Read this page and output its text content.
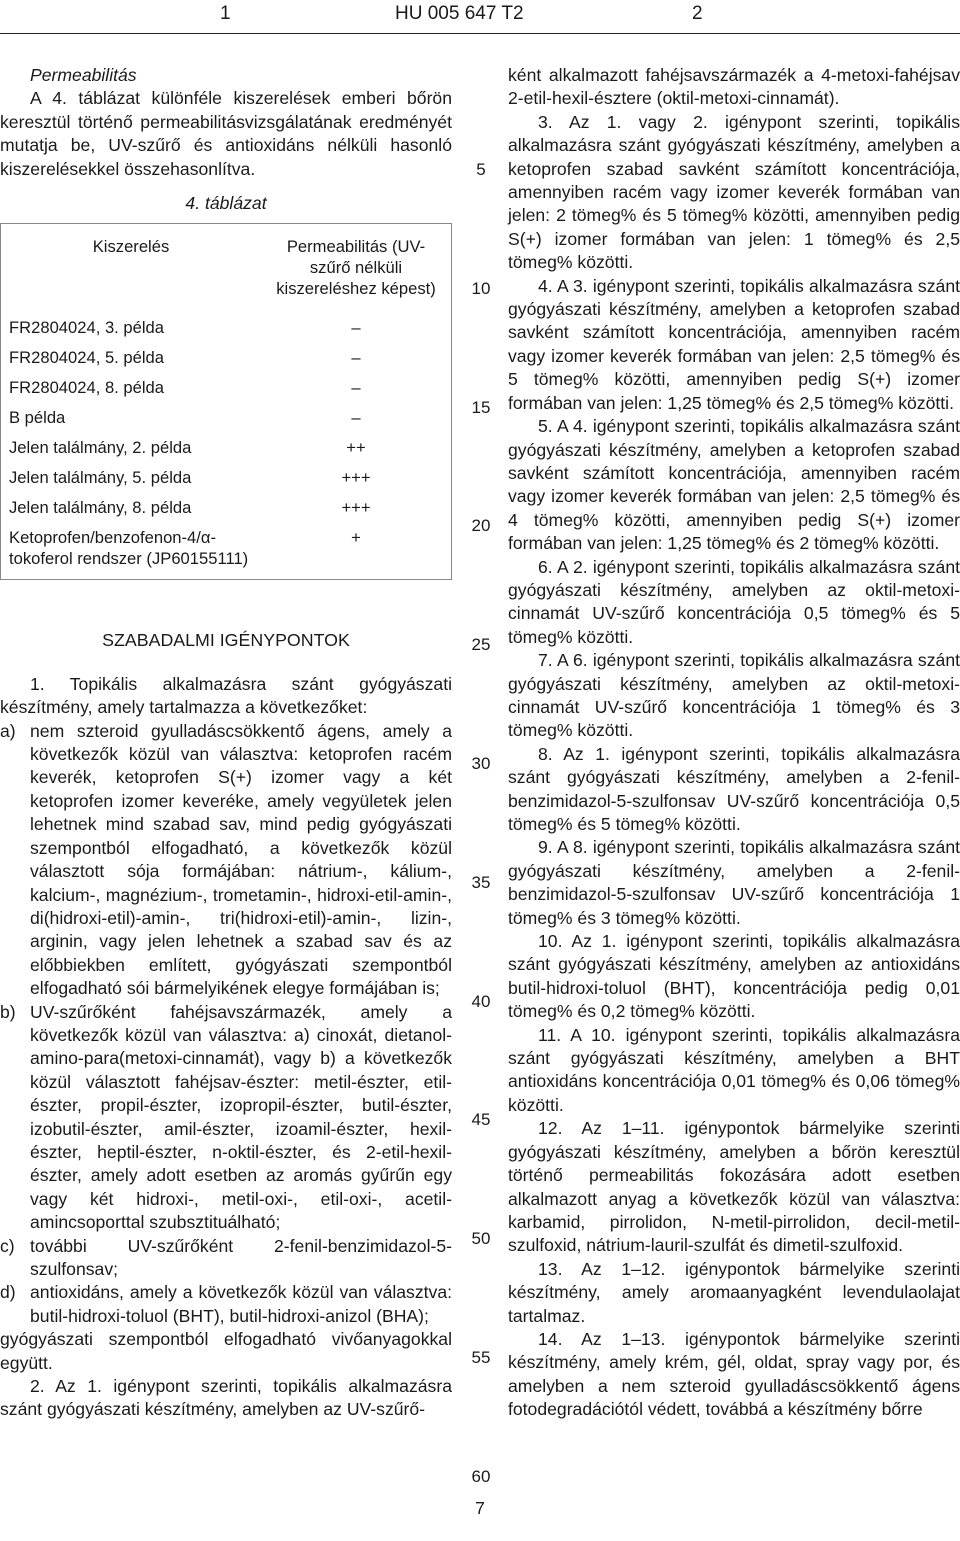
1	HU 005 647 T2	2

Permeabilitás

A 4. táblázat különféle kiszerelések emberi bőrön keresztül történő permeabilitásvizsgálatának eredményét mutatja be, UV-szűrő és antioxidáns nélküli hasonló kiszerelésekkel összehasonlítva.

4. táblázat

Kiszerelés	Permeabilitás (UV-szűrő nélküli kiszereléshez képest)

FR2804024, 3. példa	–
FR2804024, 5. példa	–
FR2804024, 8. példa	–
B példa	–
Jelen találmány, 2. példa	++
Jelen találmány, 5. példa	+++
Jelen találmány, 8. példa	+++
Ketoprofen/benzofenon-4/α-tokoferol rendszer (JP60155111)	+

SZABADALMI IGÉNYPONTOK

1. Topikális alkalmazásra szánt gyógyászati készítmény, amely tartalmazza a következőket:

a) nem szteroid gyulladáscsökkentő ágens, amely a következők közül van választva: ketoprofen racém keverék, ketoprofen S(+) izomer vagy a két ketoprofen izomer keveréke, amely vegyületek jelen lehetnek mind szabad sav, mind pedig gyógyászati szempontból elfogadható, a következők közül választott sója formájában: nátrium-, kálium-, kalcium-, magnézium-, trometamin-, hidroxi-etil-amin-, di(hidroxi-etil)-amin-, tri(hidroxi-etil)-amin-, lizin-, arginin, vagy jelen lehetnek a szabad sav és az előbbiekben említett, gyógyászati szempontból elfogadható sói bármelyikének elegye formájában is;
b) UV-szűrőként fahéjsavszármazék, amely a következők közül van választva: a) cinoxát, dietanol-amino-para(metoxi-cinnamát), vagy b) a következők közül választott fahéjsav-észter: metil-észter, etil-észter, propil-észter, izopropil-észter, butil-észter, izobutil-észter, amil-észter, izoamil-észter, hexil-észter, heptil-észter, n-oktil-észter, és 2-etil-hexil-észter, amely adott esetben az aromás gyűrűn egy vagy két hidroxi-, metil-oxi-, etil-oxi-, acetil-amincsoporttal szubsztituálható;
c) további UV-szűrőként 2-fenil-benzimidazol-5-szulfonsav;
d) antioxidáns, amely a következők közül van választva: butil-hidroxi-toluol (BHT), butil-hidroxi-anizol (BHA);

gyógyászati szempontból elfogadható vivőanyagokkal együtt.

2. Az 1. igénypont szerinti, topikális alkalmazásra szánt gyógyászati készítmény, amelyben az UV-szűrő-

5
10
15
20
25
30
35
40
45
50
55
60

ként alkalmazott fahéjsavszármazék a 4-metoxi-fahéjsav 2-etil-hexil-észtere (oktil-metoxi-cinnamát).

3. Az 1. vagy 2. igénypont szerinti, topikális alkalmazásra szánt gyógyászati készítmény, amelyben a ketoprofen szabad savként számított koncentrációja, amennyiben racém vagy izomer keverék formában van jelen: 2 tömeg% és 5 tömeg% közötti, amennyiben pedig S(+) izomer formában van jelen: 1 tömeg% és 2,5 tömeg% közötti.

4. A 3. igénypont szerinti, topikális alkalmazásra szánt gyógyászati készítmény, amelyben a ketoprofen szabad savként számított koncentrációja, amennyiben racém vagy izomer keverék formában van jelen: 2,5 tömeg% és 5 tömeg% közötti, amennyiben pedig S(+) izomer formában van jelen: 1,25 tömeg% és 2,5 tömeg% közötti.

5. A 4. igénypont szerinti, topikális alkalmazásra szánt gyógyászati készítmény, amelyben a ketoprofen szabad savként számított koncentrációja, amennyiben racém vagy izomer keverék formában van jelen: 2,5 tömeg% és 4 tömeg% közötti, amennyiben pedig S(+) izomer formában van jelen: 1,25 tömeg% és 2 tömeg% közötti.

6. A 2. igénypont szerinti, topikális alkalmazásra szánt gyógyászati készítmény, amelyben az oktil-metoxi-cinnamát UV-szűrő koncentrációja 0,5 tömeg% és 5 tömeg% közötti.

7. A 6. igénypont szerinti, topikális alkalmazásra szánt gyógyászati készítmény, amelyben az oktil-metoxi-cinnamát UV-szűrő koncentrációja 1 tömeg% és 3 tömeg% közötti.

8. Az 1. igénypont szerinti, topikális alkalmazásra szánt gyógyászati készítmény, amelyben a 2-fenil-benzimidazol-5-szulfonsav UV-szűrő koncentrációja 0,5 tömeg% és 5 tömeg% közötti.

9. A 8. igénypont szerinti, topikális alkalmazásra szánt gyógyászati készítmény, amelyben a 2-fenil-benzimidazol-5-szulfonsav UV-szűrő koncentrációja 1 tömeg% és 3 tömeg% közötti.

10. Az 1. igénypont szerinti, topikális alkalmazásra szánt gyógyászati készítmény, amelyben az antioxidáns butil-hidroxi-toluol (BHT), koncentrációja pedig 0,01 tömeg% és 0,2 tömeg% közötti.

11. A 10. igénypont szerinti, topikális alkalmazásra szánt gyógyászati készítmény, amelyben a BHT antioxidáns koncentrációja 0,01 tömeg% és 0,06 tömeg% közötti.

12. Az 1–11. igénypontok bármelyike szerinti gyógyászati készítmény, amelyben a bőrön keresztül történő permeabilitás fokozására adott esetben alkalmazott anyag a következők közül van választva: karbamid, pirrolidon, N-metil-pirrolidon, decil-metil-szulfoxid, nátrium-lauril-szulfát és dimetil-szulfoxid.

13. Az 1–12. igénypontok bármelyike szerinti készítmény, amely aromaanyagként levendulaolajat tartalmaz.

14. Az 1–13. igénypontok bármelyike szerinti készítmény, amely krém, gél, oldat, spray vagy por, és amelyben a nem szteroid gyulladáscsökkentő ágens fotodegradációtól védett, továbbá a készítmény bőrre

7
